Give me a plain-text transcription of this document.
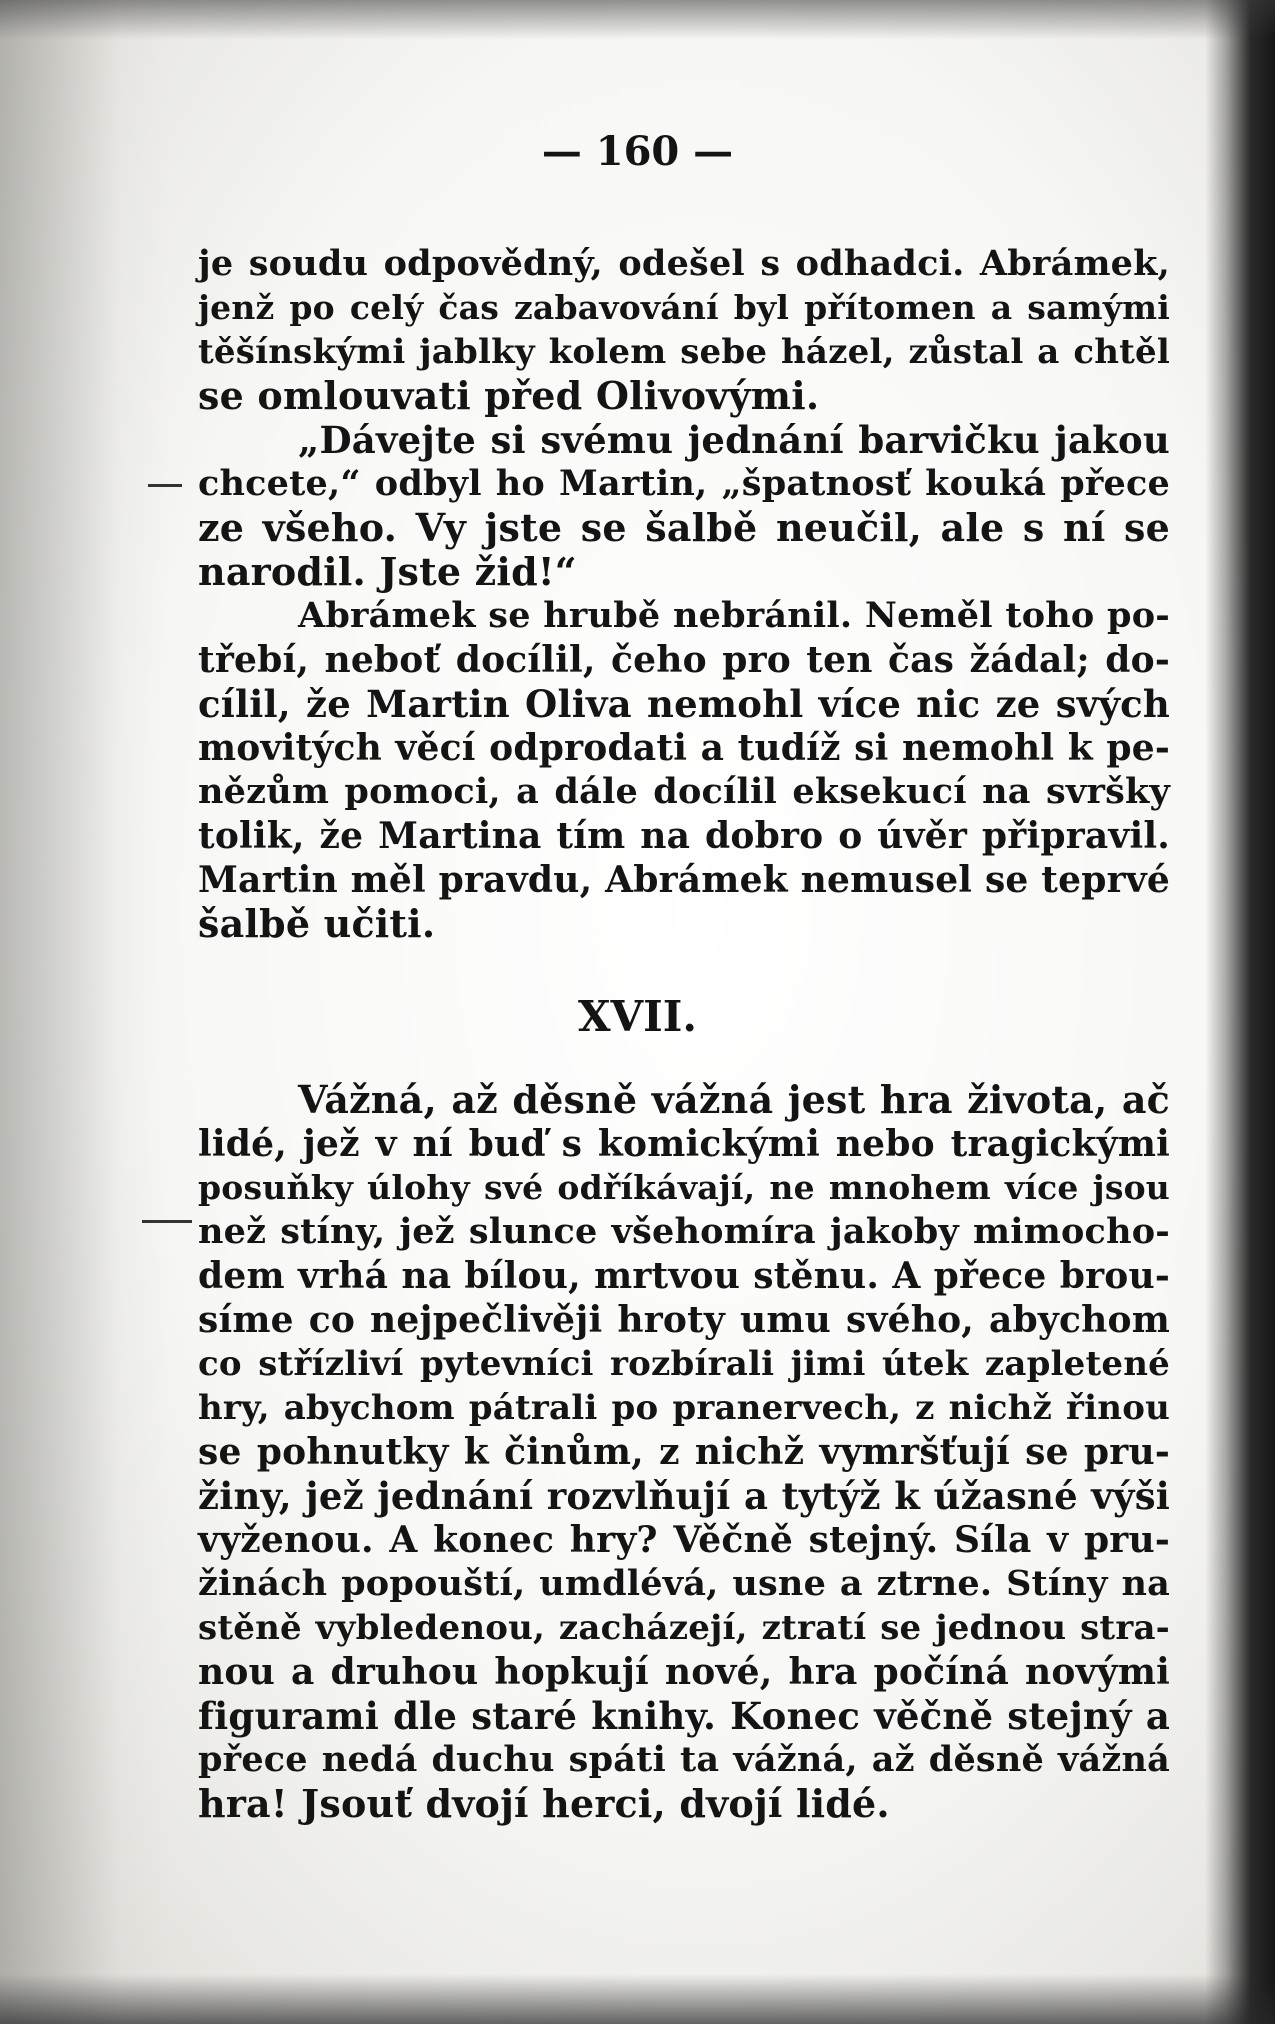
— 160 —
je soudu odpovědný, odešel s odhadci. Abrámek,
jenž po celý čas zabavování byl přítomen a samými
těšínskými jablky kolem sebe házel, zůstal a chtěl
se omlouvati před Olivovými.
„Dávejte si svému jednání barvičku jakou
chcete,“ odbyl ho Martin, „špatnosť kouká přece
ze všeho. Vy jste se šalbě neučil, ale s ní se
narodil. Jste žid!“
Abrámek se hrubě nebránil. Neměl toho po-
třebí, neboť docílil, čeho pro ten čas žádal; do-
cílil, že Martin Oliva nemohl více nic ze svých
movitých věcí odprodati a tudíž si nemohl k pe-
nězům pomoci, a dále docílil eksekucí na svršky
tolik, že Martina tím na dobro o úvěr připravil.
Martin měl pravdu, Abrámek nemusel se teprvé
šalbě učiti.
XVII.
Vážná, až děsně vážná jest hra života, ač
lidé, jež v ní buď s komickými nebo tragickými
posuňky úlohy své odříkávají, ne mnohem více jsou
než stíny, jež slunce všehomíra jakoby mimocho-
dem vrhá na bílou, mrtvou stěnu. A přece brou-
síme co nejpečlivěji hroty umu svého, abychom
co střízliví pytevníci rozbírali jimi útek zapletené
hry, abychom pátrali po pranervech, z nichž řinou
se pohnutky k činům, z nichž vymršťují se pru-
žiny, jež jednání rozvlňují a tytýž k úžasné výši
vyženou. A konec hry? Věčně stejný. Síla v pru-
žinách popouští, umdlévá, usne a ztrne. Stíny na
stěně vybledenou, zacházejí, ztratí se jednou stra-
nou a druhou hopkují nové, hra počíná novými
figurami dle staré knihy. Konec věčně stejný a
přece nedá duchu spáti ta vážná, až děsně vážná
hra! Jsouť dvojí herci, dvojí lidé.
